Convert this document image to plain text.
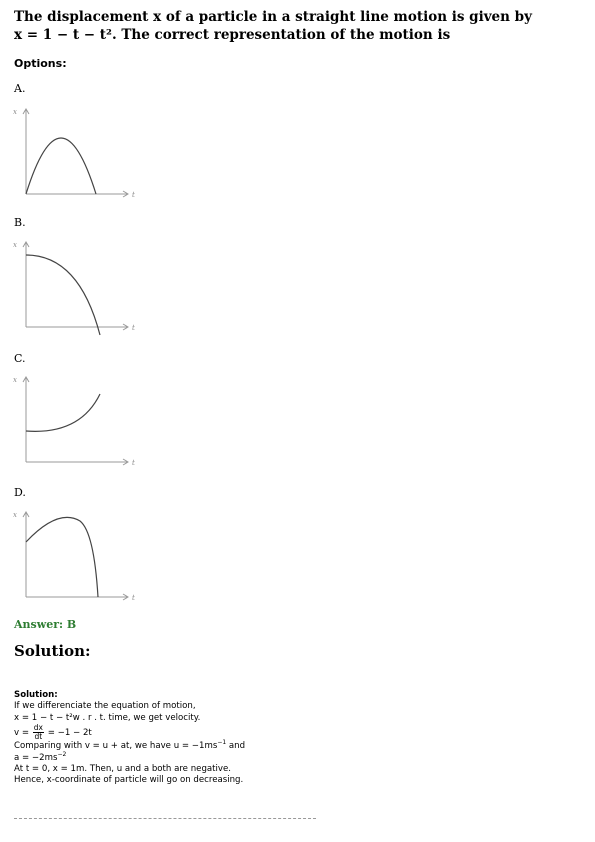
The displacement x of a particle in a straight line motion is given by
x = 1 − t − t². The correct representation of the motion is
Options:
A.
x
t
B.
x
t
C.
x
t
D.
x
t
Answer: B
Solution:
Solution:
If we differenciate the equation of motion,
x = 1 − t − t²w . r . t. time, we get velocity.
$v = \frac{dx}{dt} = -1 - 2t$
Comparing with v = u + at, we have $u = -1ms^{-1}$ and
$a = -2ms^{-2}$
At t = 0, x = 1m. Then, u and a both are negative.
Hence, x-coordinate of particle will go on decreasing.
